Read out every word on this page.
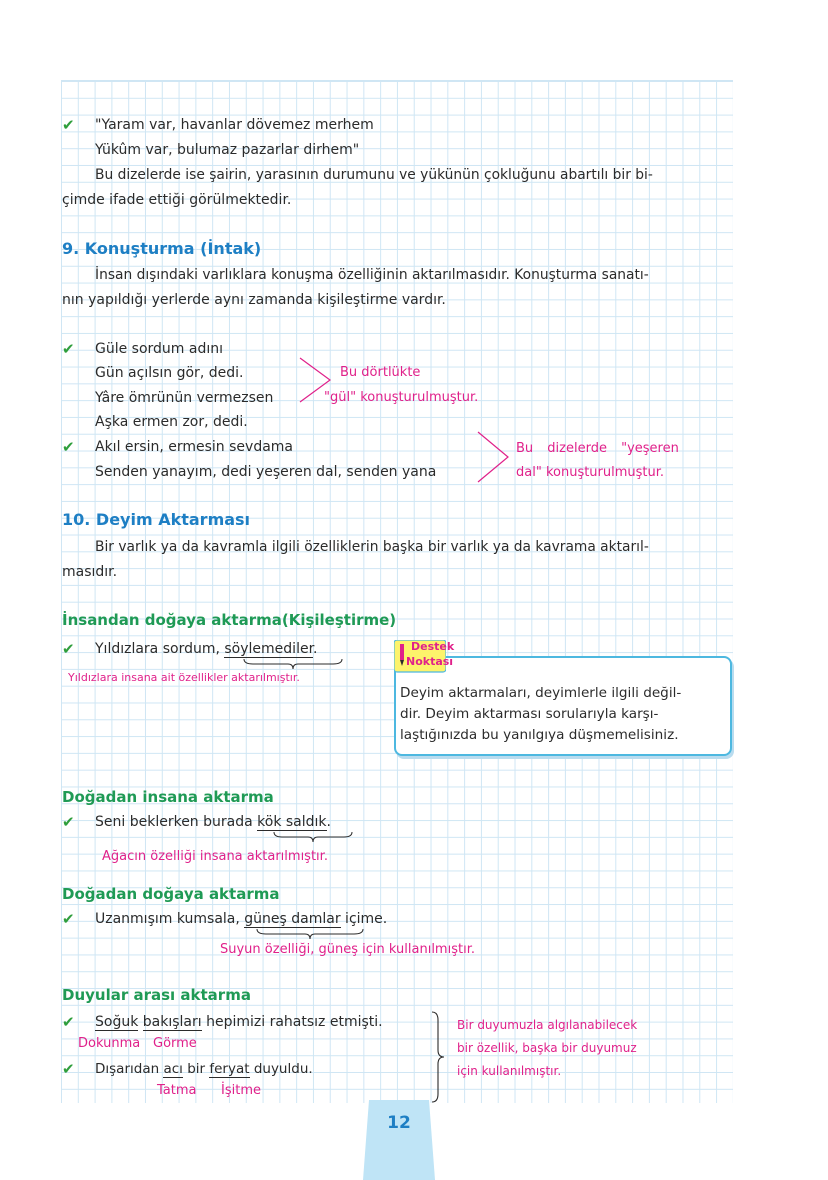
✔ "Yaram var, havanlar dövemez merhem
Yükûm var, bulumaz pazarlar dirhem"
Bu dizelerde ise şairin, yarasının durumunu ve yükünün çokluğunu abartılı bir bi-
çimde ifade ettiği görülmektedir.
9. Konuşturma (İntak)
İnsan dışındaki varlıklara konuşma özelliğinin aktarılmasıdır. Konuşturma sanatı-
nın yapıldığı yerlerde aynı zamanda kişileştirme vardır.
✔ Güle sordum adını
Gün açılsın gör, dedi.
Yâre ömrünün vermezsen
Aşka ermen zor, dedi.
Bu dörtlükte
"gül" konuşturulmuştur.
✔ Akıl ersin, ermesin sevdama
Senden yanayım, dedi yeşeren dal, senden yana
Bu dizelerde "yeşeren
dal" konuşturulmuştur.
10. Deyim Aktarması
Bir varlık ya da kavramla ilgili özelliklerin başka bir varlık ya da kavrama aktarıl-
masıdır.
İnsandan doğaya aktarma(Kişileştirme)
✔ Yıldızlara sordum, söylemediler.
Yıldızlara insana ait özellikler aktarılmıştır.
Destek
Noktası
Deyim aktarmaları, deyimlerle ilgili değil-
dir. Deyim aktarması sorularıyla karşı-
laştığınızda bu yanılgıya düşmemelisiniz.
Doğadan insana aktarma
✔ Seni beklerken burada kök saldık.
Ağacın özelliği insana aktarılmıştır.
Doğadan doğaya aktarma
✔ Uzanmışım kumsala, güneş damlar içime.
Suyun özelliği, güneş için kullanılmıştır.
Duyular arası aktarma
✔ Soğuk bakışları hepimizi rahatsız etmişti.
Dokunma Görme
✔ Dışarıdan acı bir feryat duyuldu.
Tatma İşitme
Bir duyumuzla algılanabilecek
bir özellik, başka bir duyumuz
için kullanılmıştır.
12
